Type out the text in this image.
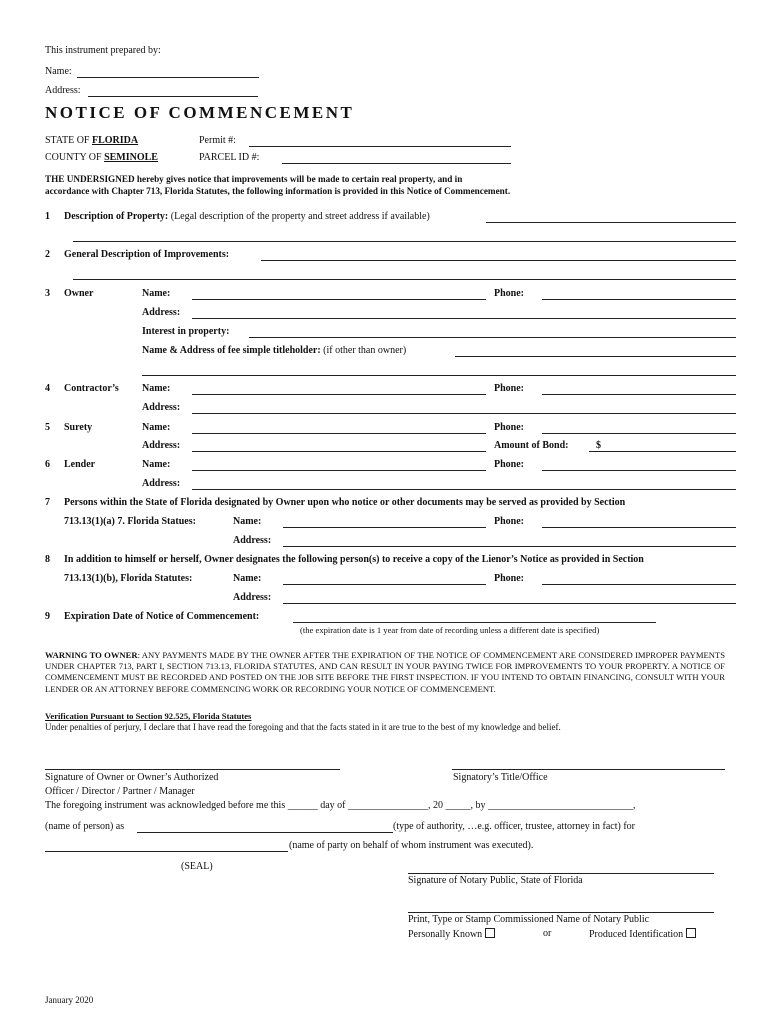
This instrument prepared by:
Name:
Address:
NOTICE OF COMMENCEMENT
STATE OF FLORIDA	Permit #:
COUNTY OF SEMINOLE	PARCEL ID #:
THE UNDERSIGNED hereby gives notice that improvements will be made to certain real property, and in
accordance with Chapter 713, Florida Statutes, the following information is provided in this Notice of Commencement.
1 Description of Property: (Legal description of the property and street address if available)
2 General Description of Improvements:
3 Owner	Name:	Phone:
Address:
Interest in property:
Name & Address of fee simple titleholder: (if other than owner)
4 Contractor’s Name:	Phone:
Address:
5 Surety	Name:	Phone:
Address:	Amount of Bond:	$
6 Lender	Name:	Phone:
Address:
7 Persons within the State of Florida designated by Owner upon who notice or other documents may be served as provided by Section
713.13(1)(a) 7. Florida Statues:	Name:	Phone:
Address:
8 In addition to himself or herself, Owner designates the following person(s) to receive a copy of the Lienor’s Notice as provided in Section
713.13(1)(b), Florida Statutes:	Name:	Phone:
Address:
9 Expiration Date of Notice of Commencement:
(the expiration date is 1 year from date of recording unless a different date is specified)
WARNING TO OWNER: ANY PAYMENTS MADE BY THE OWNER AFTER THE EXPIRATION OF THE NOTICE OF COMMENCEMENT ARE CONSIDERED IMPROPER PAYMENTS UNDER CHAPTER 713, PART I, SECTION 713.13, FLORIDA STATUTES, AND CAN RESULT IN YOUR PAYING TWICE FOR IMPROVEMENTS TO YOUR PROPERTY. A NOTICE OF COMMENCEMENT MUST BE RECORDED AND POSTED ON THE JOB SITE BEFORE THE FIRST INSPECTION. IF YOU INTEND TO OBTAIN FINANCING, CONSULT WITH YOUR LENDER OR AN ATTORNEY BEFORE COMMENCING WORK OR RECORDING YOUR NOTICE OF COMMENCEMENT.
Verification Pursuant to Section 92.525, Florida Statutes
Under penalties of perjury, I declare that I have read the foregoing and that the facts stated in it are true to the best of my knowledge and belief.
Signature of Owner or Owner’s Authorized	Signatory’s Title/Office
Officer / Director / Partner / Manager
The foregoing instrument was acknowledged before me this ______ day of ________________, 20 _____, by _____________________________,
(name of person) as	(type of authority, …e.g. officer, trustee, attorney in fact) for
(name of party on behalf of whom instrument was executed).
(SEAL)
Signature of Notary Public, State of Florida
Print, Type or Stamp Commissioned Name of Notary Public
Personally Known	or	Produced Identification
January 2020
